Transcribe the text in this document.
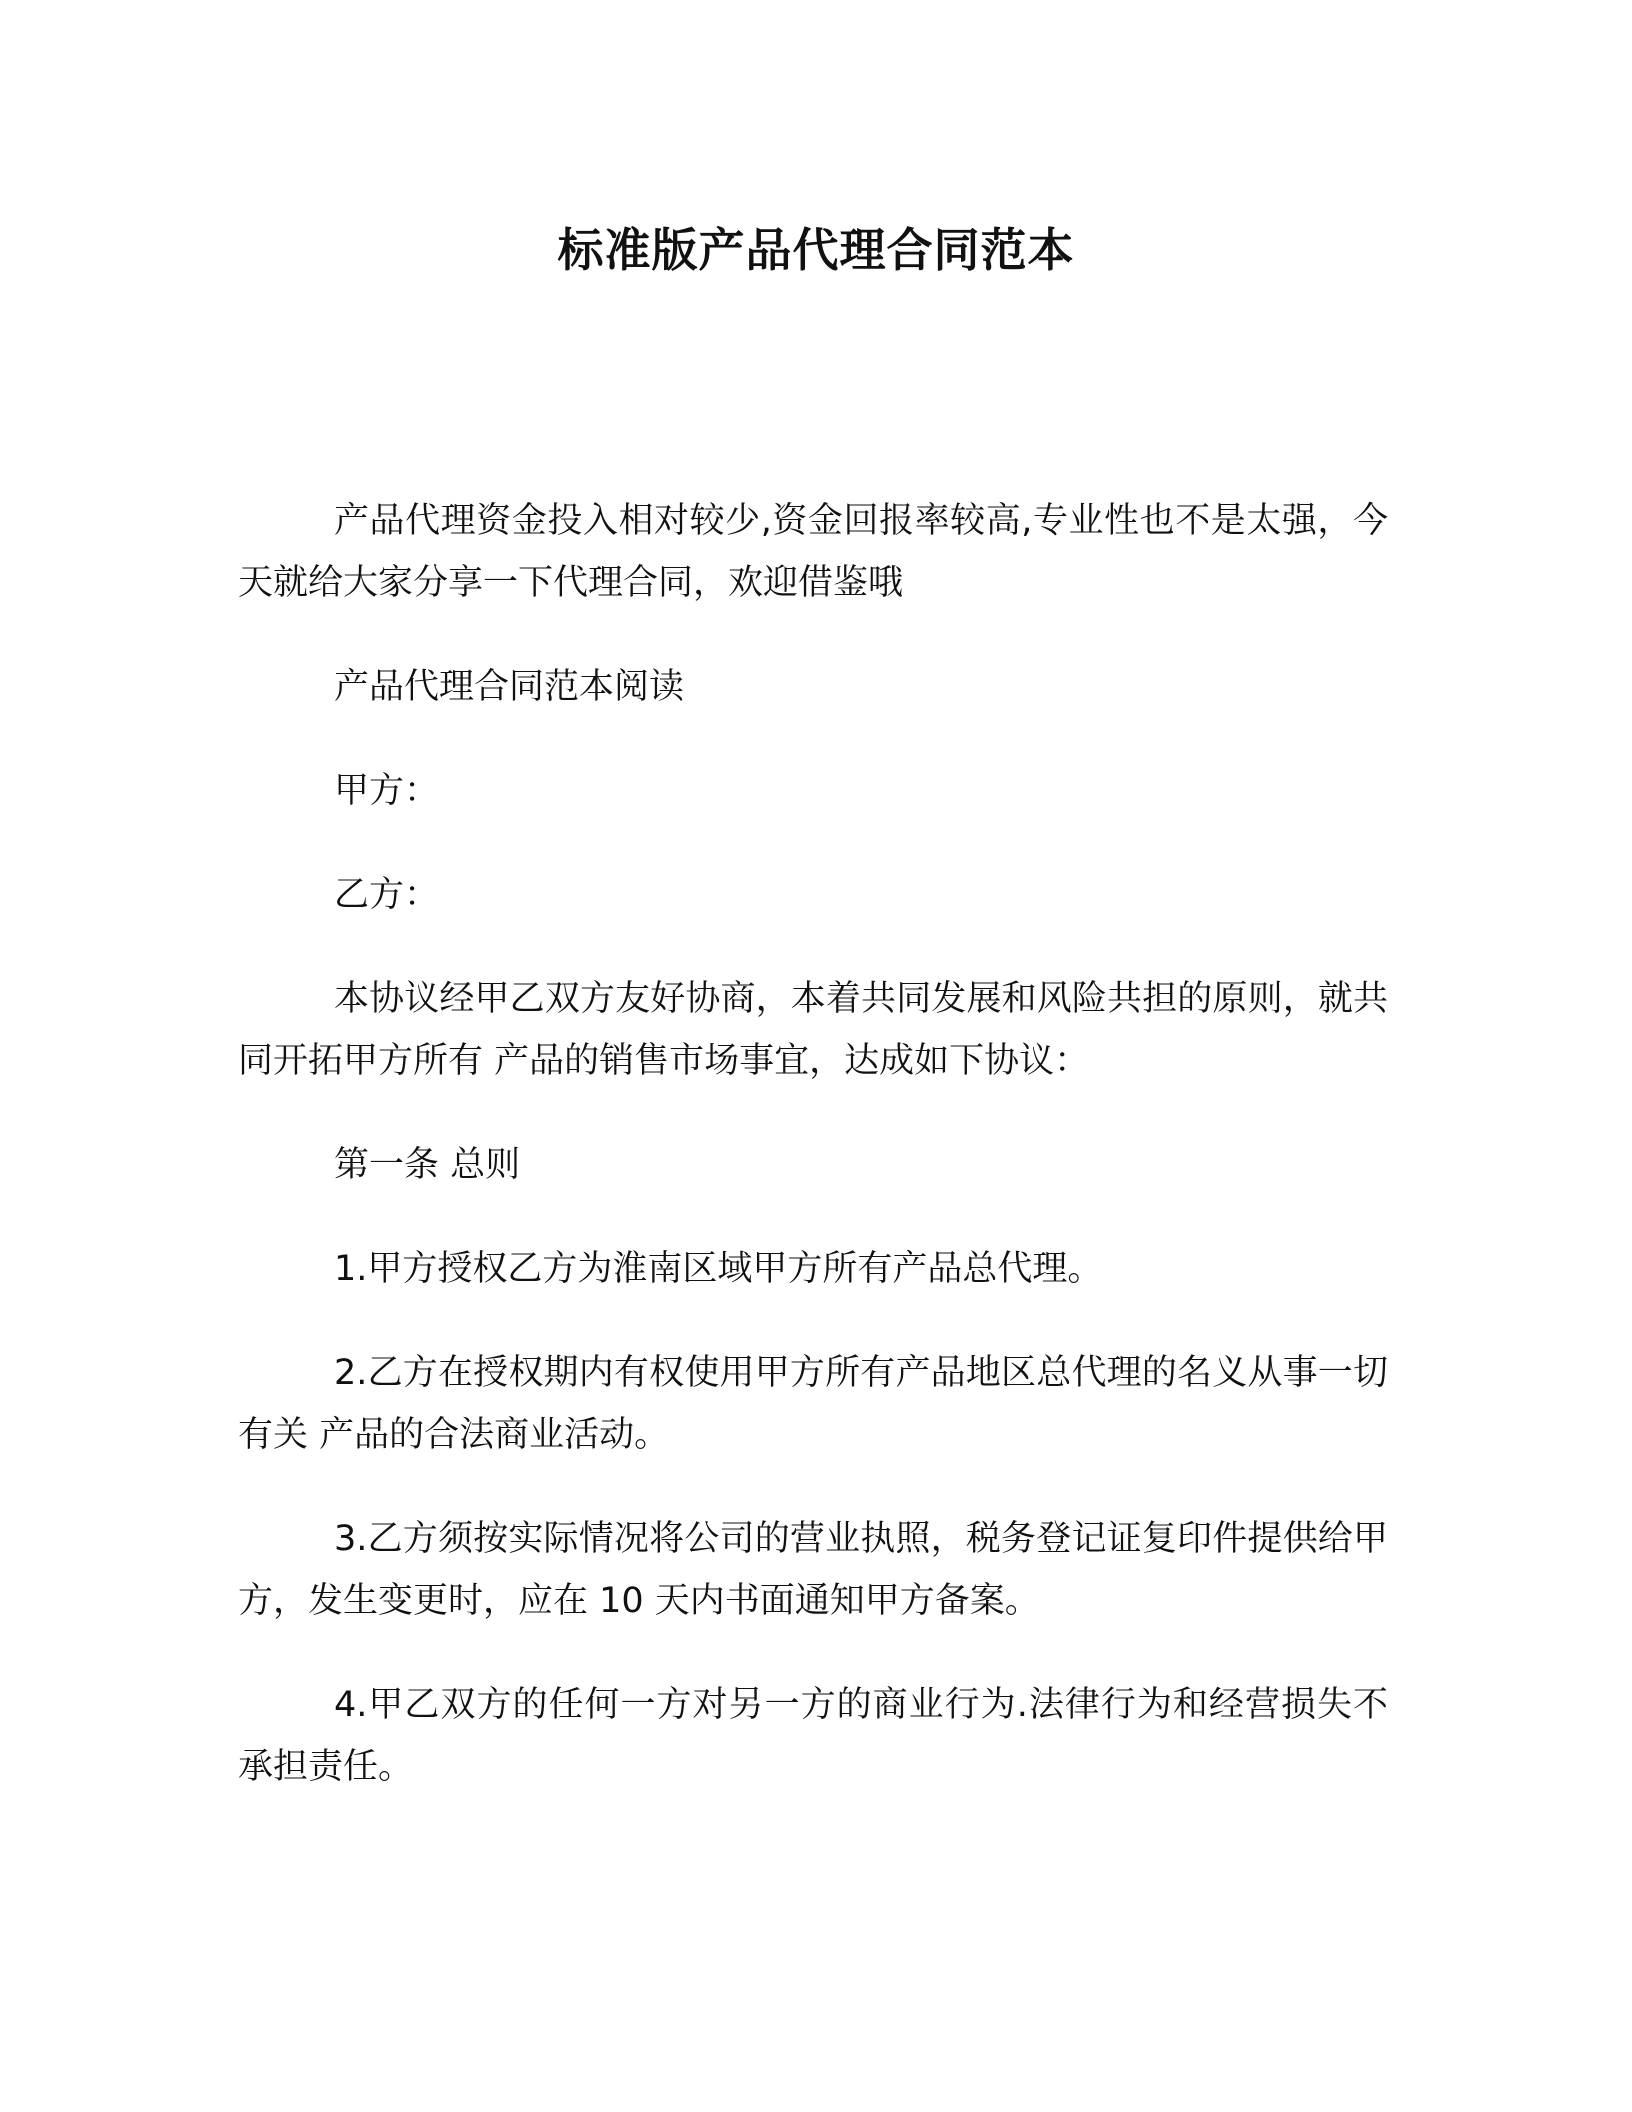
标准版产品代理合同范本

产品代理资金投入相对较少,资金回报率较高,专业性也不是太强，今天就给大家分享一下代理合同，欢迎借鉴哦

产品代理合同范本阅读

甲方：

乙方：

本协议经甲乙双方友好协商，本着共同发展和风险共担的原则，就共同开拓甲方所有 产品的销售市场事宜，达成如下协议：

第一条 总则

1.甲方授权乙方为淮南区域甲方所有产品总代理。

2.乙方在授权期内有权使用甲方所有产品地区总代理的名义从事一切有关 产品的合法商业活动。

3.乙方须按实际情况将公司的营业执照，税务登记证复印件提供给甲方，发生变更时，应在 10 天内书面通知甲方备案。

4.甲乙双方的任何一方对另一方的商业行为.法律行为和经营损失不承担责任。
